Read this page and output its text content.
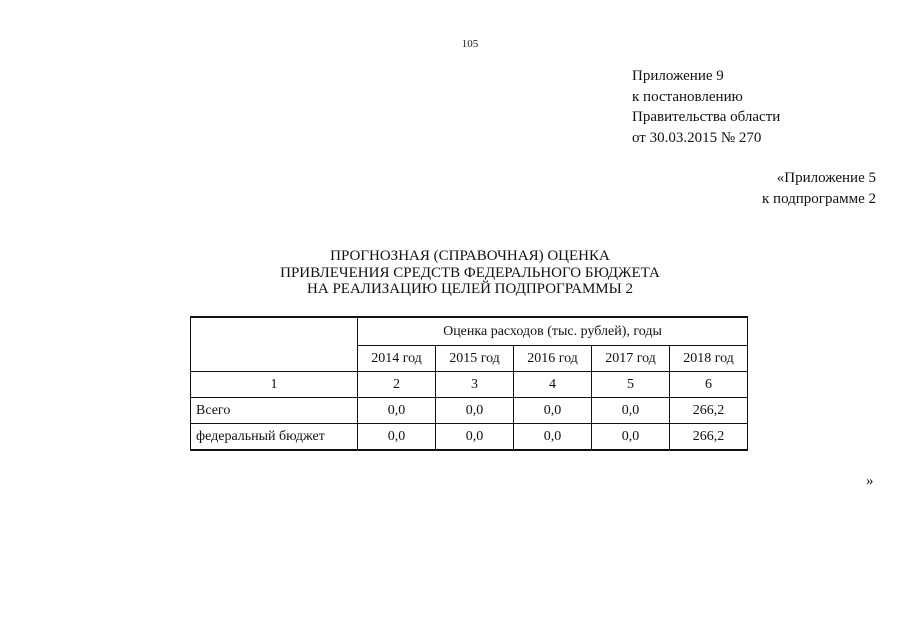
105
Приложение 9
к постановлению
Правительства области
от 30.03.2015 № 270
«Приложение 5
к подпрограмме 2
ПРОГНОЗНАЯ (СПРАВОЧНАЯ) ОЦЕНКА
ПРИВЛЕЧЕНИЯ СРЕДСТВ ФЕДЕРАЛЬНОГО БЮДЖЕТА
НА РЕАЛИЗАЦИЮ ЦЕЛЕЙ ПОДПРОГРАММЫ 2
	Оценка расходов (тыс. рублей), годы				
	2014 год	2015 год	2016 год	2017 год	2018 год
1	2	3	4	5	6
Всего	0,0	0,0	0,0	0,0	266,2
федеральный бюджет	0,0	0,0	0,0	0,0	266,2
»
